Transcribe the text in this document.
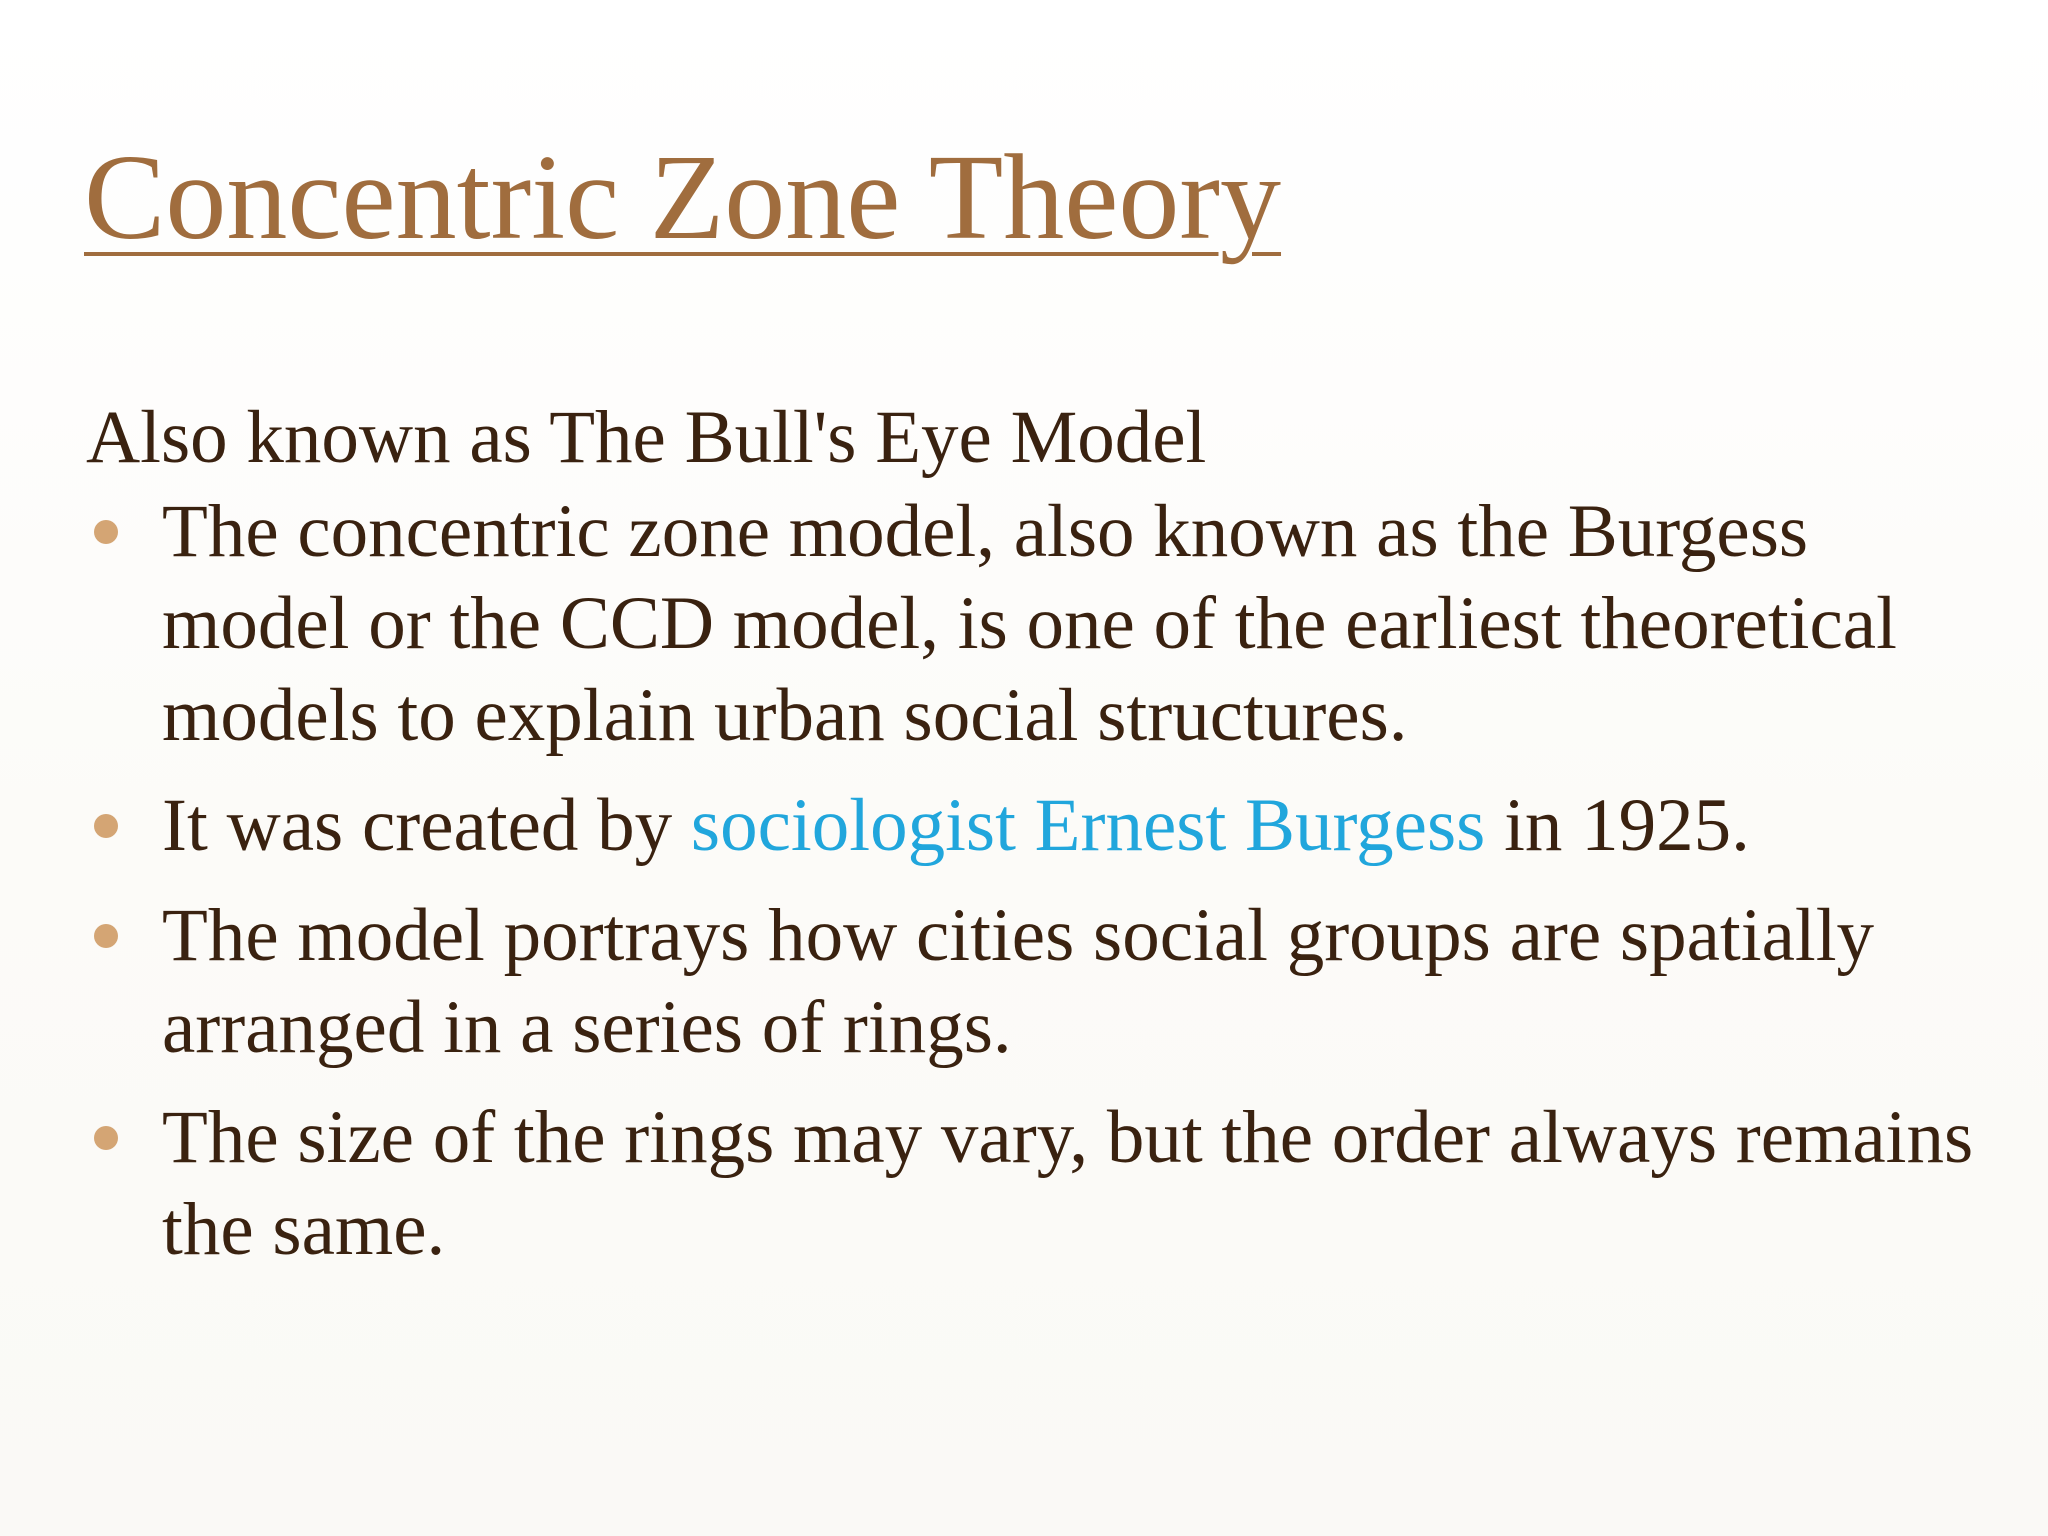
Concentric Zone Theory

Also known as The Bull's Eye Model

The concentric zone model, also known as the Burgess model or the CCD model, is one of the earliest theoretical models to explain urban social structures.
It was created by sociologist Ernest Burgess in 1925.
The model portrays how cities social groups are spatially arranged in a series of rings.
The size of the rings may vary, but the order always remains the same.
